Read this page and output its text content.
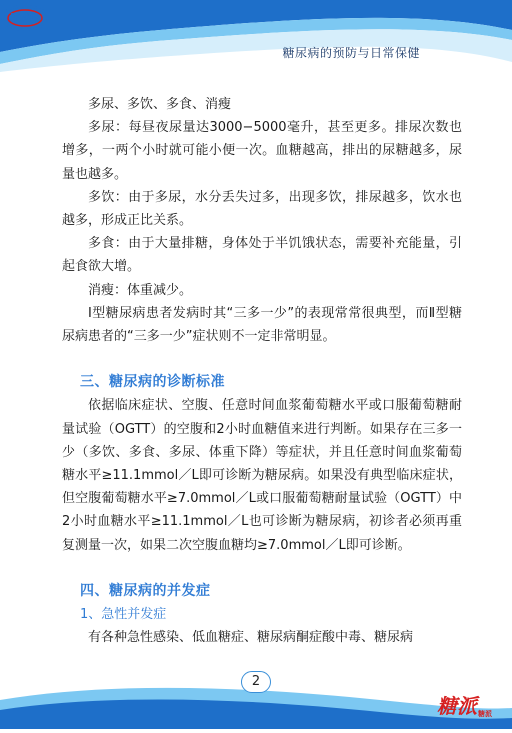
糖尿病的预防与日常保健
TPC

多尿、多饮、多食、消瘦

多尿：每昼夜尿量达3000−5000毫升，甚至更多。排尿次数也增多，一两个小时就可能小便一次。血糖越高，排出的尿糖越多，尿量也越多。

多饮：由于多尿，水分丢失过多，出现多饮，排尿越多，饮水也越多，形成正比关系。

多食：由于大量排糖，身体处于半饥饿状态，需要补充能量，引起食欲大增。

消瘦：体重减少。

Ⅰ型糖尿病患者发病时其“三多一少”的表现常常很典型，而Ⅱ型糖尿病患者的“三多一少”症状则不一定非常明显。

三、糖尿病的诊断标准

依据临床症状、空腹、任意时间血浆葡萄糖水平或口服葡萄糖耐量试验（OGTT）的空腹和2小时血糖值来进行判断。如果存在三多一少（多饮、多食、多尿、体重下降）等症状，并且任意时间血浆葡萄糖水平≥11.1mmol／L即可诊断为糖尿病。如果没有典型临床症状，但空腹葡萄糖水平≥7.0mmol／L或口服葡萄糖耐量试验（OGTT）中2小时血糖水平≥11.1mmol／L也可诊断为糖尿病，初诊者必须再重复测量一次，如果二次空腹血糖均≥7.0mmol／L即可诊断。

四、糖尿病的并发症

1、急性并发症

有各种急性感染、低血糖症、糖尿病酮症酸中毒、糖尿病

糖派糖派
2
